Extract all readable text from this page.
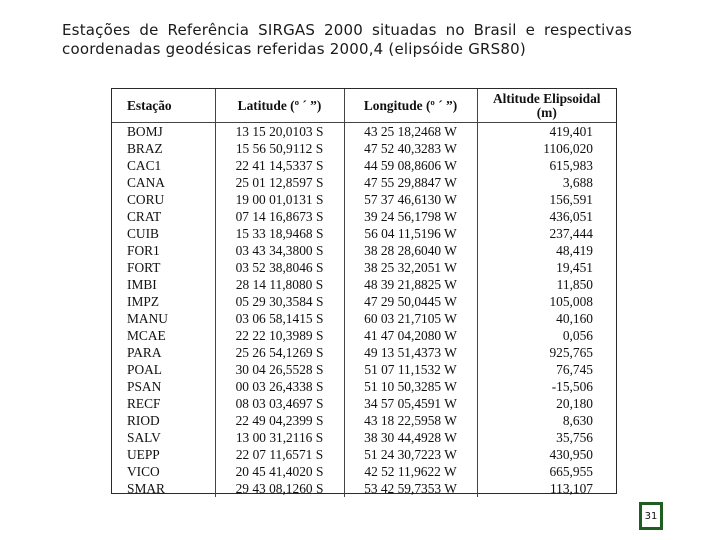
Estações de Referência SIRGAS 2000 situadas no Brasil e respectivas coordenadas geodésicas referidas 2000,4 (elipsóide GRS80)
Estação	Latitude (º ´ ”)	Longitude (º ´ ”)	Altitude Elipsoidal
(m)
BOMJ	13 15 20,0103 S	43 25 18,2468 W	419,401
BRAZ	15 56 50,9112 S	47 52 40,3283 W	1106,020
CAC1	22 41 14,5337 S	44 59 08,8606 W	615,983
CANA	25 01 12,8597 S	47 55 29,8847 W	3,688
CORU	19 00 01,0131 S	57 37 46,6130 W	156,591
CRAT	07 14 16,8673 S	39 24 56,1798 W	436,051
CUIB	15 33 18,9468 S	56 04 11,5196 W	237,444
FOR1	03 43 34,3800 S	38 28 28,6040 W	48,419
FORT	03 52 38,8046 S	38 25 32,2051 W	19,451
IMBI	28 14 11,8080 S	48 39 21,8825 W	11,850
IMPZ	05 29 30,3584 S	47 29 50,0445 W	105,008
MANU	03 06 58,1415 S	60 03 21,7105 W	40,160
MCAE	22 22 10,3989 S	41 47 04,2080 W	0,056
PARA	25 26 54,1269 S	49 13 51,4373 W	925,765
POAL	30 04 26,5528 S	51 07 11,1532 W	76,745
PSAN	00 03 26,4338 S	51 10 50,3285 W	-15,506
RECF	08 03 03,4697 S	34 57 05,4591 W	20,180
RIOD	22 49 04,2399 S	43 18 22,5958 W	8,630
SALV	13 00 31,2116 S	38 30 44,4928 W	35,756
UEPP	22 07 11,6571 S	51 24 30,7223 W	430,950
VICO	20 45 41,4020 S	42 52 11,9622 W	665,955
SMAR	29 43 08,1260 S	53 42 59,7353 W	113,107
31
